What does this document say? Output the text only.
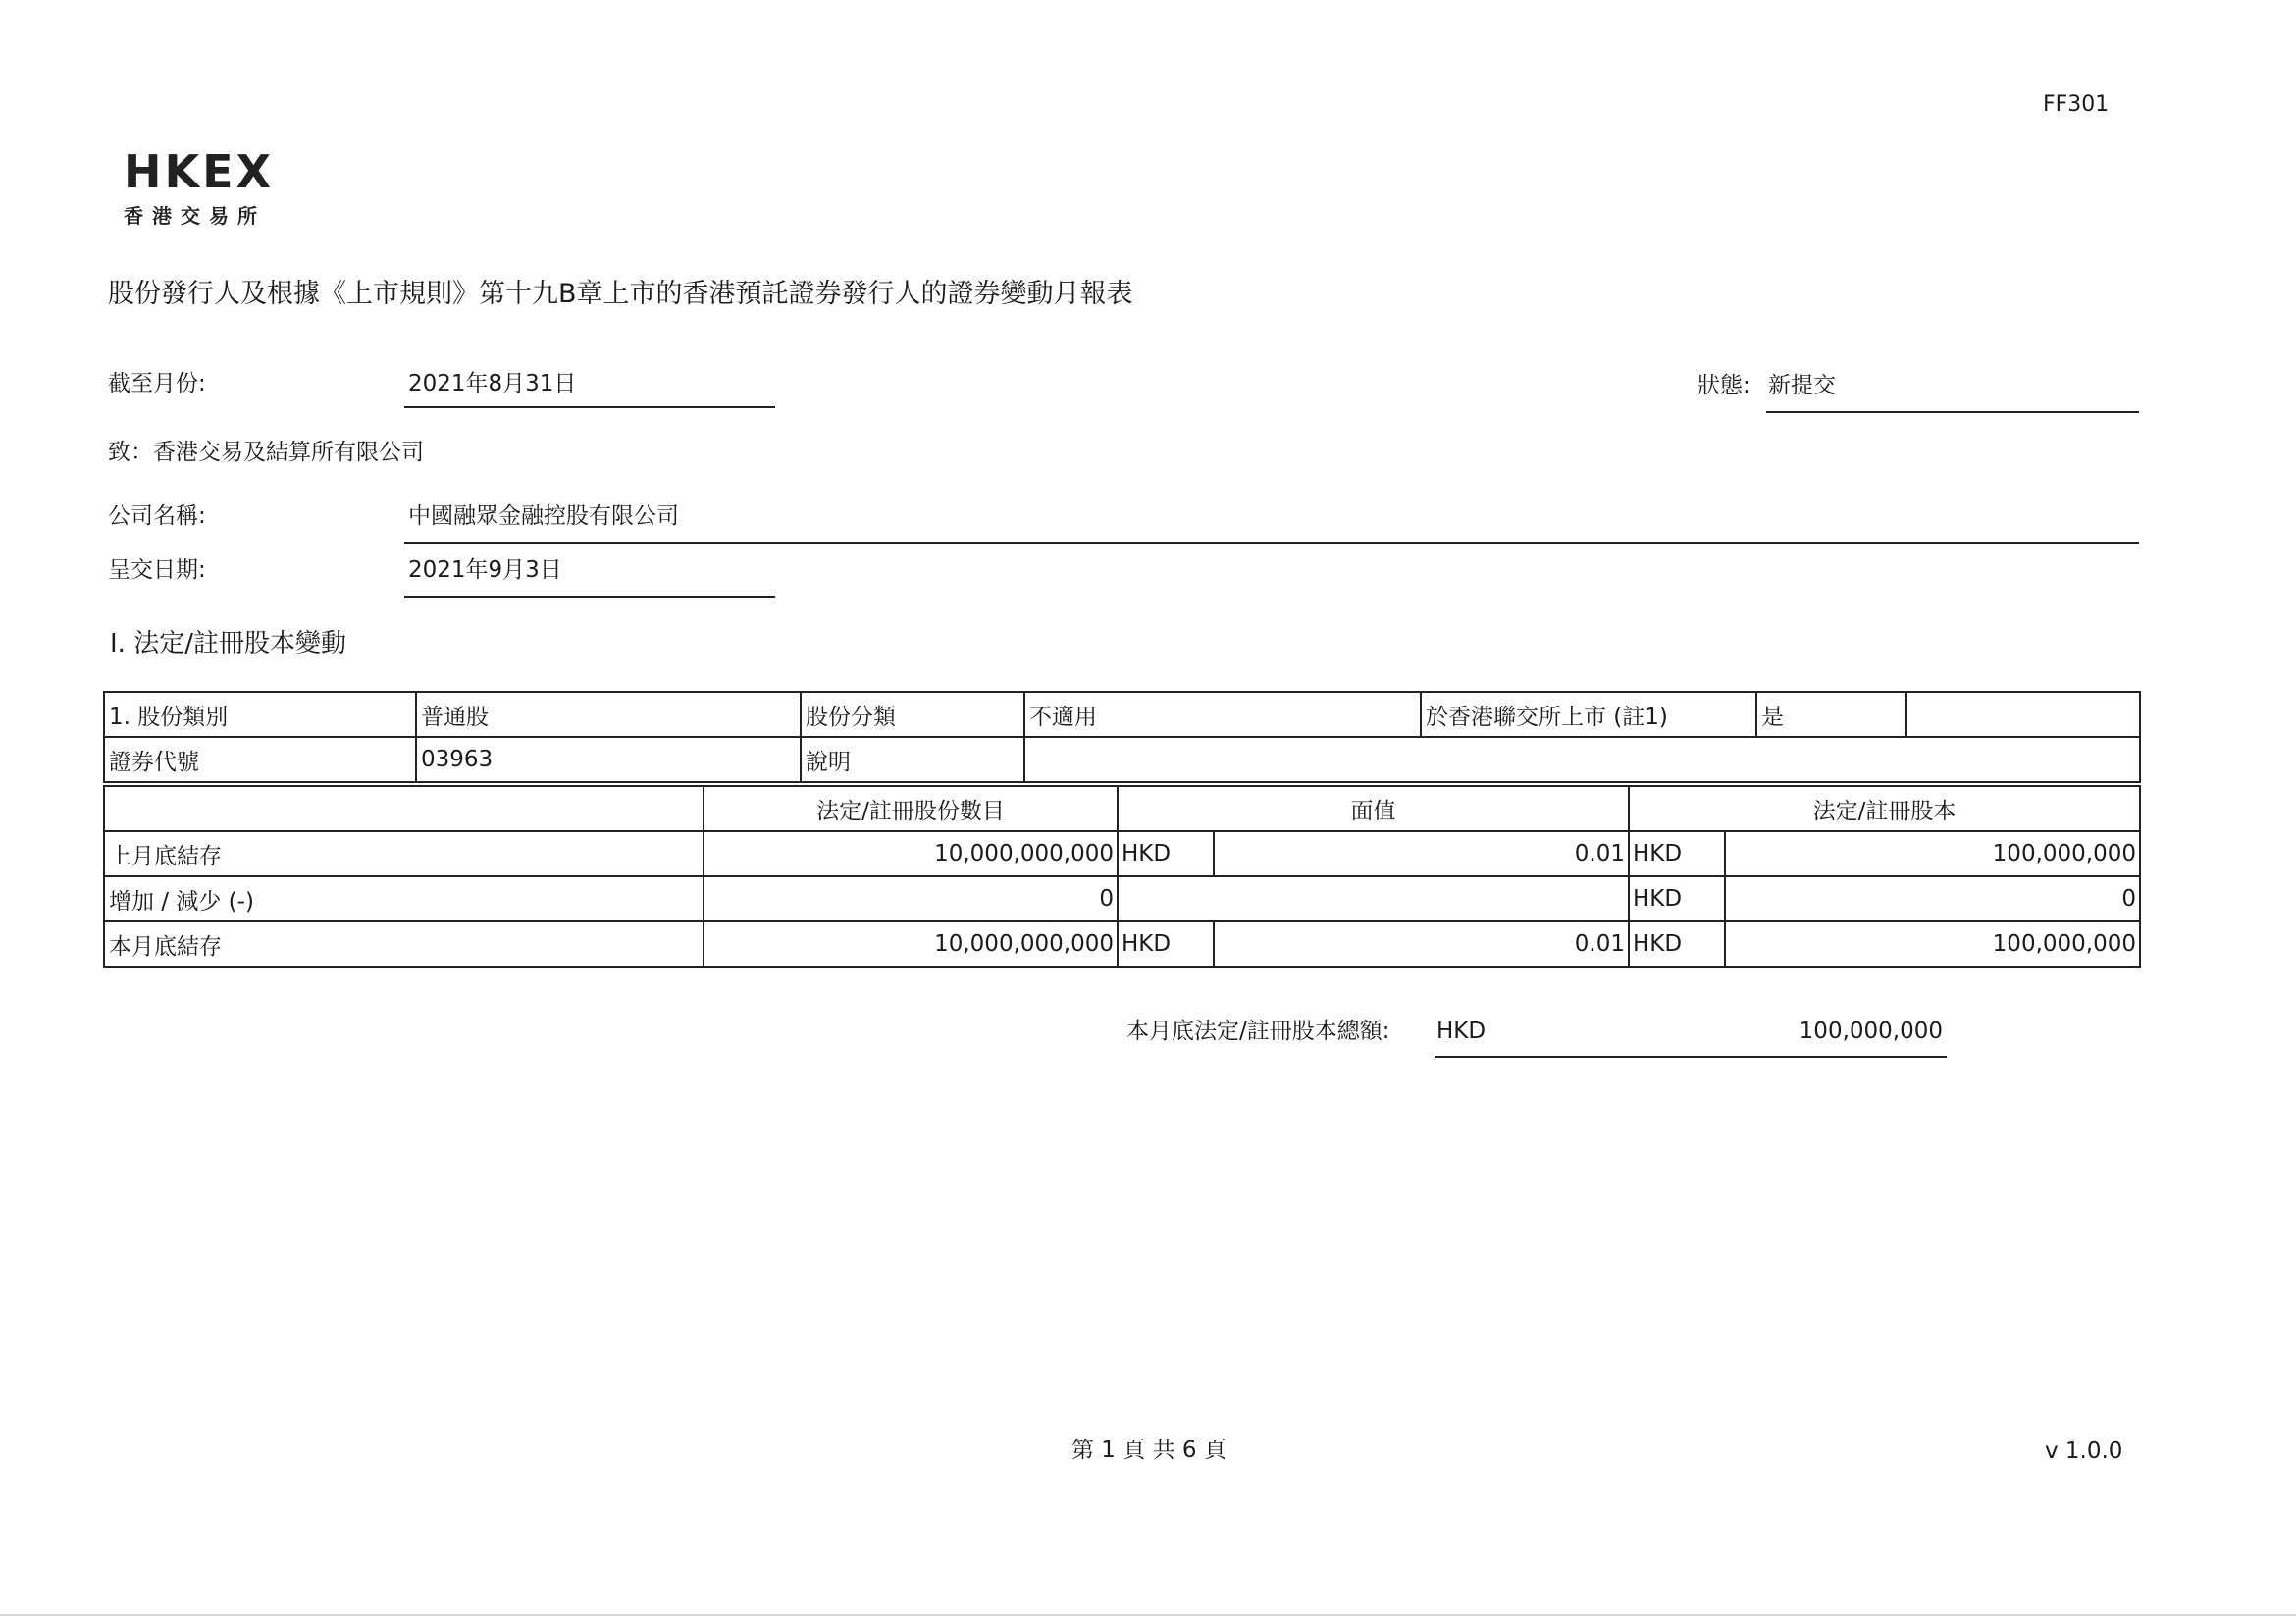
FF301
HKEX
香港交易所
股份發行人及根據《上市規則》第十九B章上市的香港預託證券發行人的證券變動月報表
截至月份:	2021年8月31日	狀態: 新提交
致：香港交易及結算所有限公司
公司名稱:	中國融眾金融控股有限公司
呈交日期:	2021年9月3日
I. 法定/註冊股本變動
1. 股份類別	普通股	股份分類	不適用	於香港聯交所上市 (註1)	是	
證券代號	03963	說明				
	法定/註冊股份數目	面值		法定/註冊股本	
上月底結存	10,000,000,000	HKD	0.01	HKD	100,000,000
增加 / 減少 (-)	0			HKD	0
本月底結存	10,000,000,000	HKD	0.01	HKD	100,000,000
本月底法定/註冊股本總額: HKD	100,000,000
第 1 頁 共 6 頁	v 1.0.0
